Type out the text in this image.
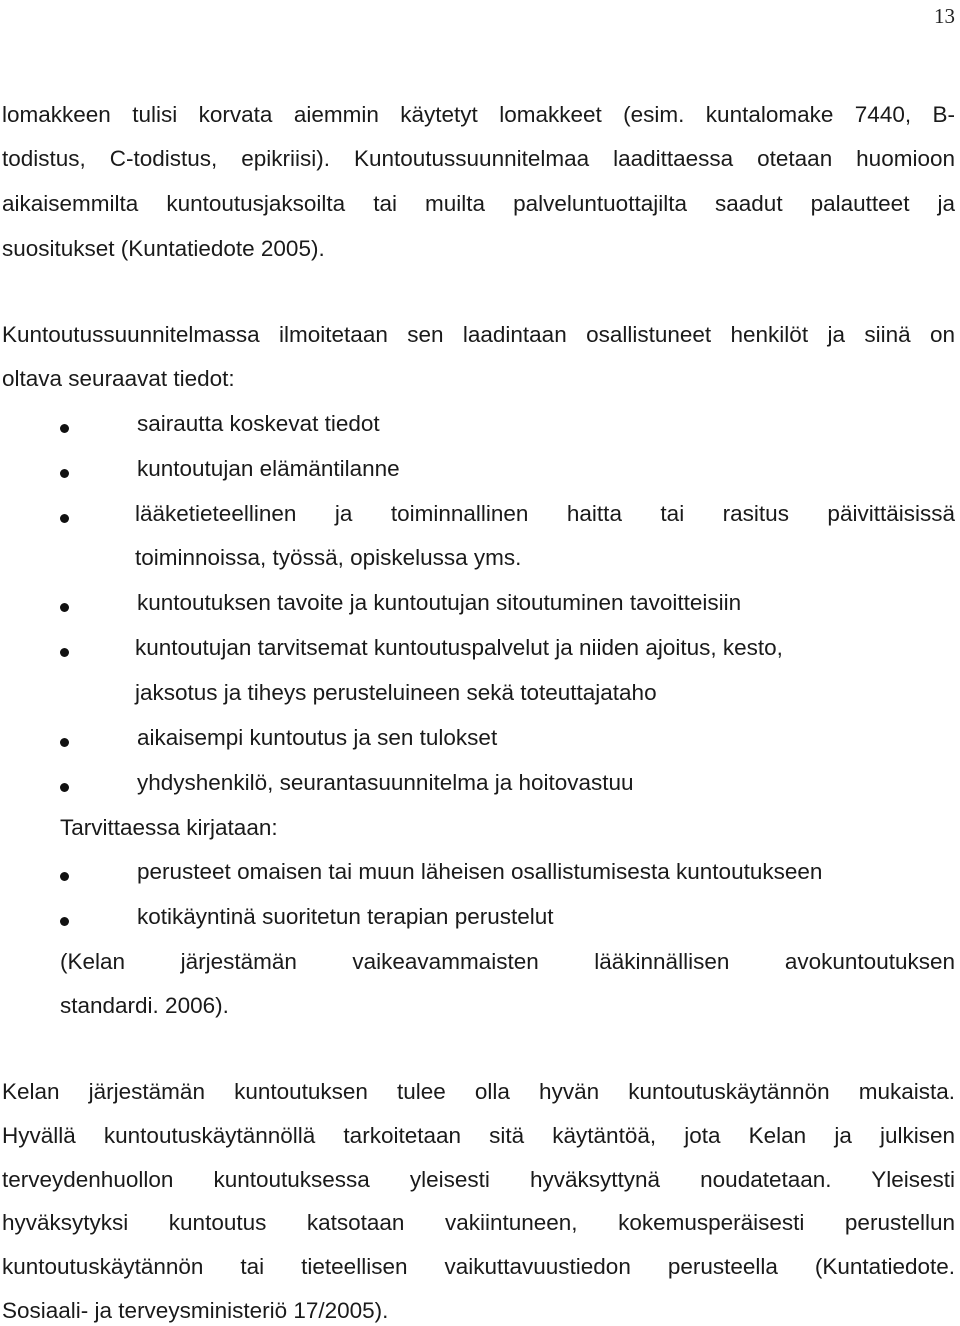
13
lomakkeen tulisi korvata aiemmin käytetyt lomakkeet (esim. kuntalomake 7440, B-
todistus, C-todistus, epikriisi). Kuntoutussuunnitelmaa laadittaessa otetaan huomioon
aikaisemmilta kuntoutusjaksoilta tai muilta palveluntuottajilta saadut palautteet ja
suositukset (Kuntatiedote 2005).
Kuntoutussuunnitelmassa ilmoitetaan sen laadintaan osallistuneet henkilöt ja siinä on
oltava seuraavat tiedot:
sairautta koskevat tiedot
kuntoutujan elämäntilanne
lääketieteellinen ja toiminnallinen haitta tai rasitus päivittäisissä
toiminnoissa, työssä, opiskelussa yms.
kuntoutuksen tavoite ja kuntoutujan sitoutuminen tavoitteisiin
kuntoutujan tarvitsemat kuntoutuspalvelut ja niiden ajoitus, kesto,
jaksotus ja tiheys perusteluineen sekä toteuttajataho
aikaisempi kuntoutus ja sen tulokset
yhdyshenkilö, seurantasuunnitelma ja hoitovastuu
Tarvittaessa kirjataan:
perusteet omaisen tai muun läheisen osallistumisesta kuntoutukseen
kotikäyntinä suoritetun terapian perustelut
(Kelan järjestämän vaikeavammaisten lääkinnällisen avokuntoutuksen
standardi. 2006).
Kelan järjestämän kuntoutuksen tulee olla hyvän kuntoutuskäytännön mukaista.
Hyvällä kuntoutuskäytännöllä tarkoitetaan sitä käytäntöä, jota Kelan ja julkisen
terveydenhuollon kuntoutuksessa yleisesti hyväksyttynä noudatetaan. Yleisesti
hyväksytyksi kuntoutus katsotaan vakiintuneen, kokemusperäisesti perustellun
kuntoutuskäytännön tai tieteellisen vaikuttavuustiedon perusteella (Kuntatiedote.
Sosiaali- ja terveysministeriö 17/2005).
